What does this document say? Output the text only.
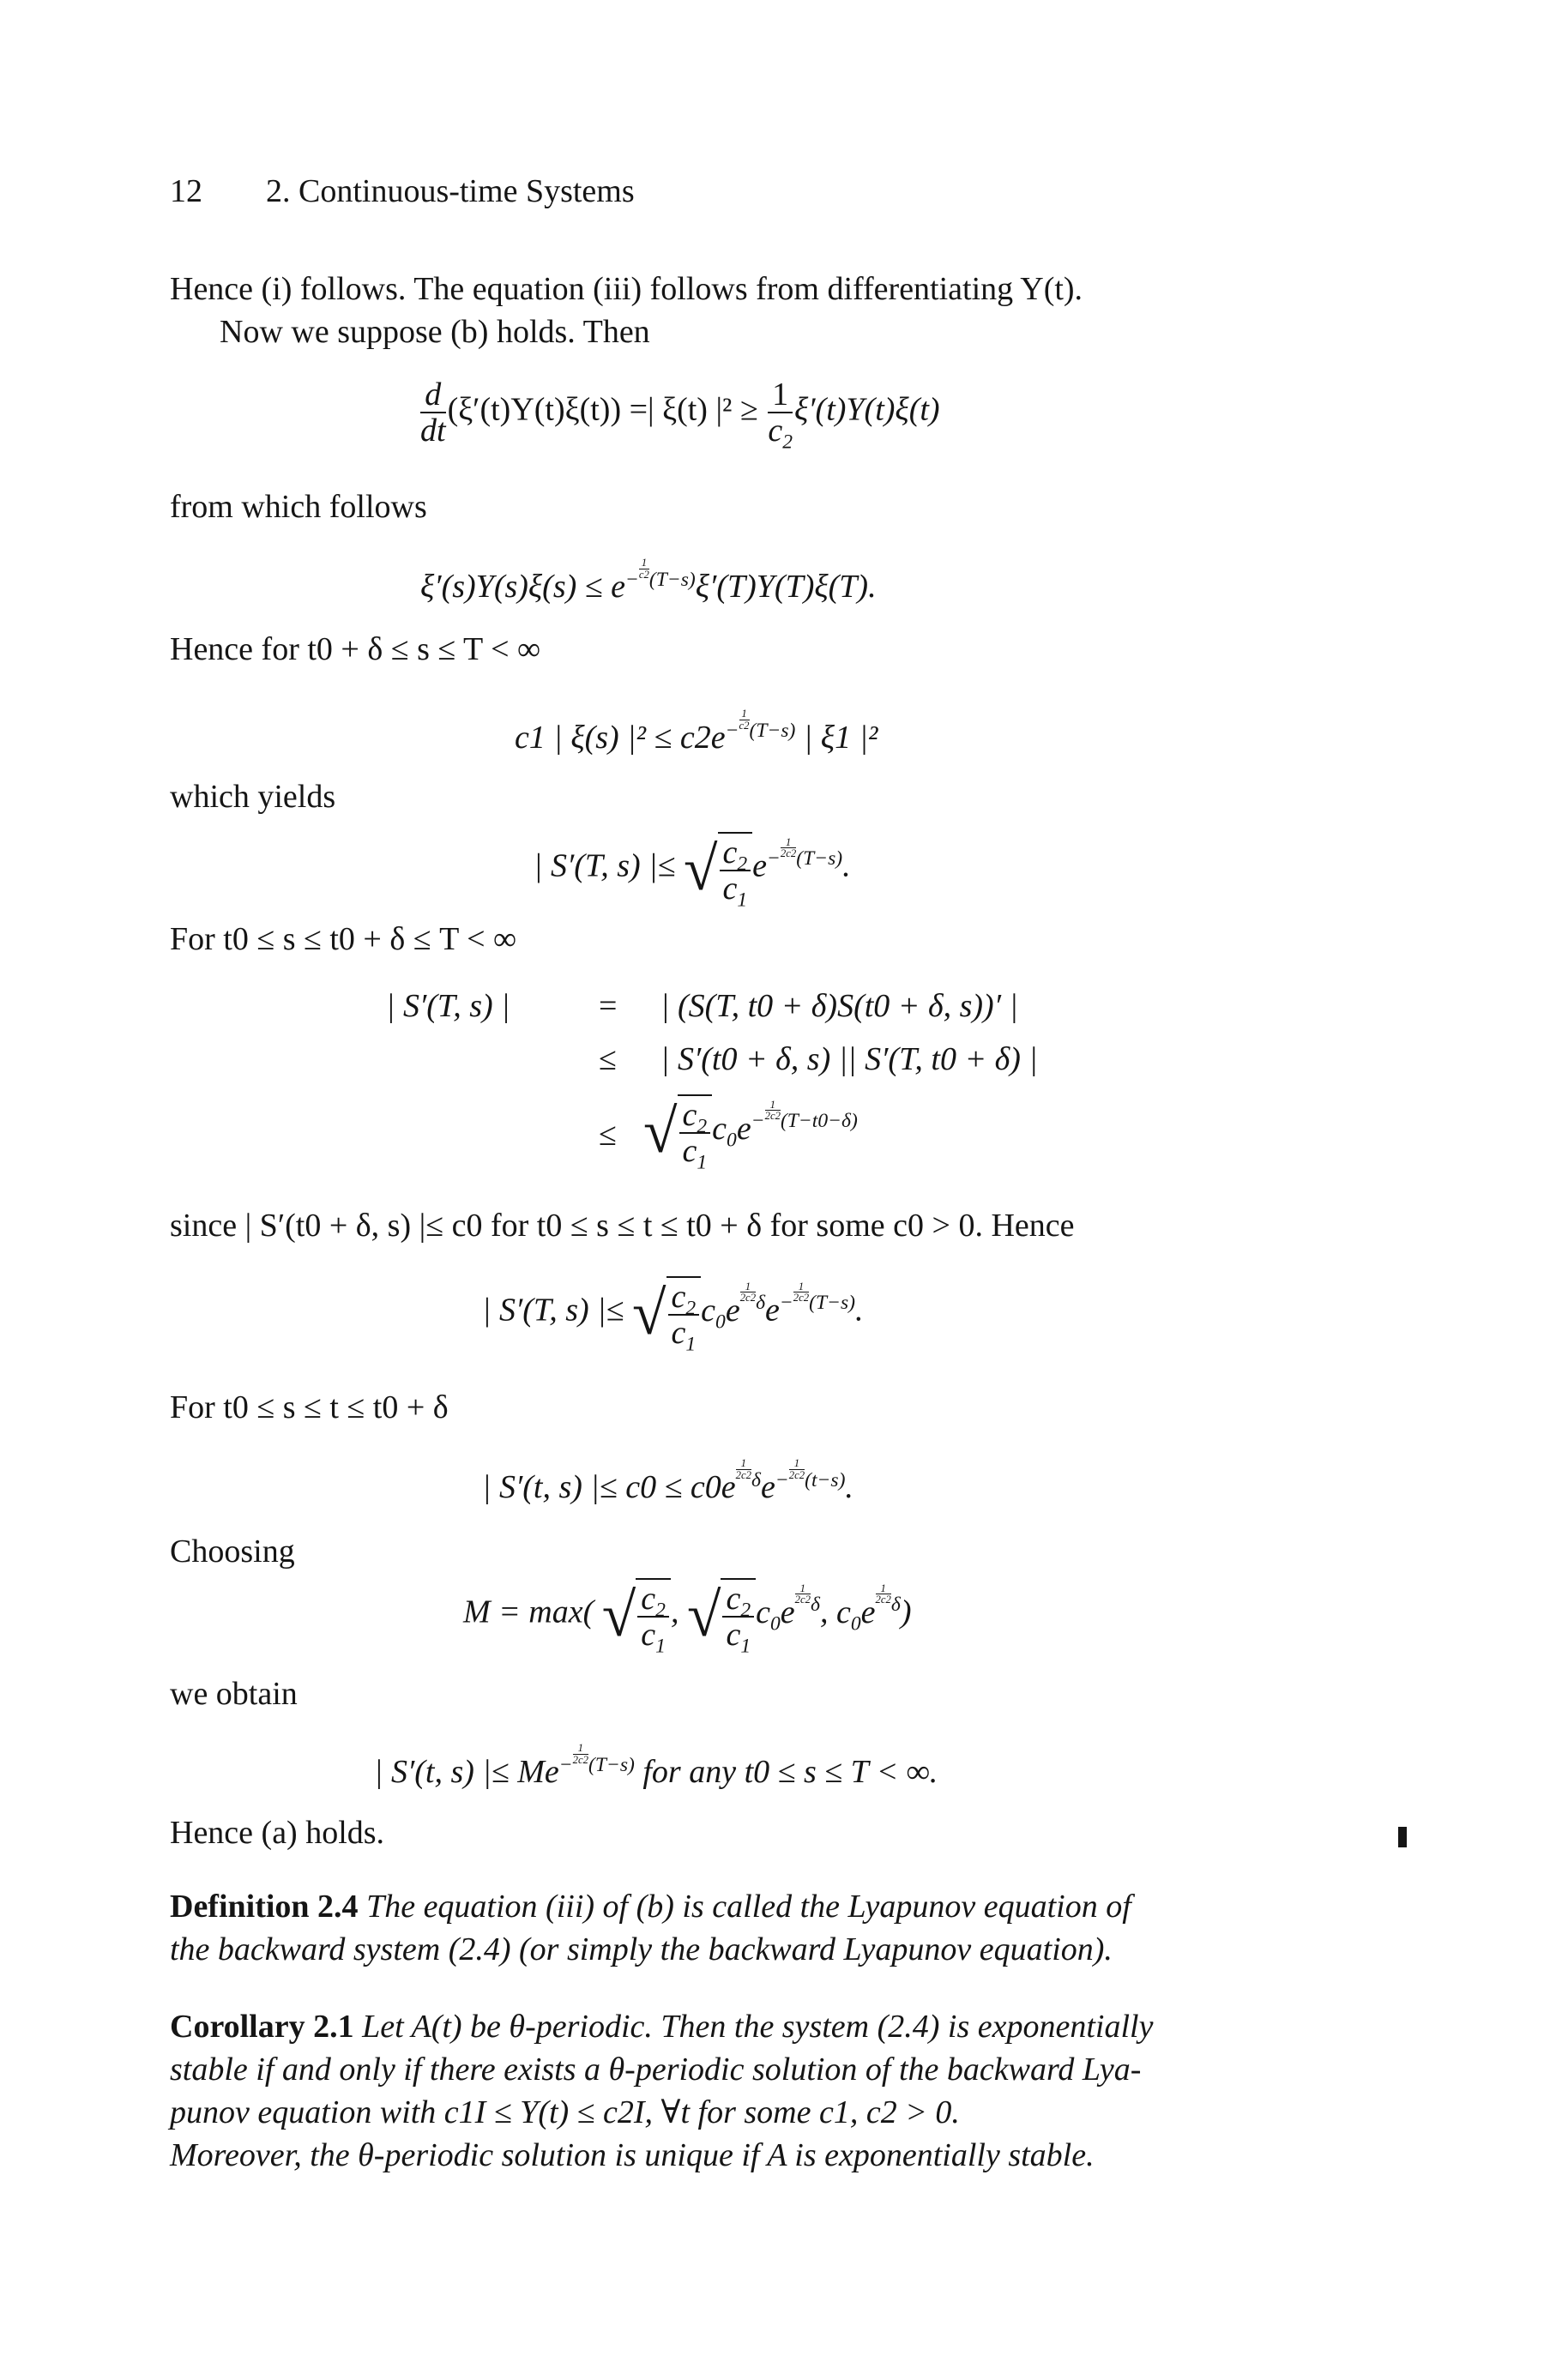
12 2. Continuous-time Systems
Hence (i) follows. The equation (iii) follows from differentiating Y(t).
Now we suppose (b) holds. Then
$\frac{d}{dt} (\xi'(t)Y(t)\xi(t))$ =| ξ(t) $|^2 \ge \frac{1}{c_2} \xi'(t)Y(t)\xi(t)$
from which follows
$\xi'(s)Y(s)\xi(s) \le e^{- \frac{1}{c2} (T-s)}\xi'(T)Y(T)\xi(T)$.
Hence for t0 + δ ≤ s ≤ T < ∞
c1 | ξ(s) $|^2 \le c2e^{- \frac{1}{c2} (T-s)}$ | ξ1 |²
which yields
| S′(T, s) |≤ √ $\frac{c_2}{c_1} e^{- \frac{1}{2c2} (T-s)}$.
For t0 ≤ s ≤ t0 + δ ≤ T < ∞
| S′(T, s) |	= | (S(T, t0 + δ)S(t0 + δ, s))′ |
≤ | S′(t0 + δ, s) || S′(T, t0 + δ) |
≤ √ $\frac{c_2}{c_1} c_0e^{- \frac{1}{2c2} (T-t0-\delta)}$
since | S′(t0 + δ, s) |≤ c0 for t0 ≤ s ≤ t ≤ t0 + δ for some c0 > 0. Hence
| S′(T, s) |≤ √ $\frac{c_2}{c_1} c_0e$ $^{\frac{1}{2c2} \delta}e^{- \frac{1}{2c2} (T-s)}$.
For t0 ≤ s ≤ t ≤ t0 + δ
| S′(t, s) |≤ c0 ≤ c0e $^{\frac{1}{2c2} \delta}e^{- \frac{1}{2c2} (t-s)}$.
Choosing
M = max( √ $\frac{c_2}{c_1}$ , √ $\frac{c_2}{c_1} c_0e$ $^{\frac{1}{2c2} \delta}$, $c_0e$ $^{\frac{1}{2c2} \delta}$)
we obtain
| S′(t, s) |≤ $Me^{- \frac{1}{2c2} (T-s)}$ for any t0 ≤ s ≤ T < ∞.
Hence (a) holds.
Definition 2.4 The equation (iii) of (b) is called the Lyapunov equation of
the backward system (2.4) (or simply the backward Lyapunov equation).
Corollary 2.1 Let A(t) be θ-periodic. Then the system (2.4) is exponentially
stable if and only if there exists a θ-periodic solution of the backward Lya-
punov equation with c1I ≤ Y(t) ≤ c2I, ∀t for some c1, c2 > 0.
Moreover, the θ-periodic solution is unique if A is exponentially stable.
